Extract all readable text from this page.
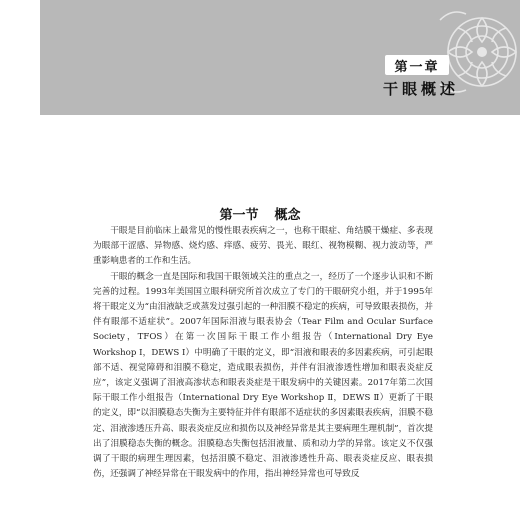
第一章
干眼概述
第一节 概念

干眼是目前临床上最常见的慢性眼表疾病之一，也称干眼症、角结膜干燥症、多表现为眼部干涩感、异物感、烧灼感、痒感、疲劳、畏光、眼红、视物模糊、视力波动等，严重影响患者的工作和生活。

干眼的概念一直是国际和我国干眼领域关注的重点之一，经历了一个逐步认识和不断完善的过程。1993年美国国立眼科研究所首次成立了专门的干眼研究小组，并于1995年将干眼定义为“由泪液缺乏或蒸发过强引起的一种泪膜不稳定的疾病，可导致眼表损伤，并伴有眼部不适症状”。2007年国际泪液与眼表协会（Tear Film and Ocular Surface Society，TFOS）在第一次国际干眼工作小组报告（International Dry Eye Workshop Ⅰ，DEWS Ⅰ）中明确了干眼的定义，即“泪液和眼表的多因素疾病，可引起眼部不适、视觉障碍和泪膜不稳定，造成眼表损伤，并伴有泪液渗透性增加和眼表炎症反应”，该定义强调了泪液高渗状态和眼表炎症是干眼发病中的关键因素。2017年第二次国际干眼工作小组报告（International Dry Eye Workshop Ⅱ，DEWS Ⅱ）更新了干眼的定义，即“以泪膜稳态失衡为主要特征并伴有眼部不适症状的多因素眼表疾病，泪膜不稳定、泪液渗透压升高、眼表炎症反应和损伤以及神经异常是其主要病理生理机制”，首次提出了泪膜稳态失衡的概念。泪膜稳态失衡包括泪液量、质和动力学的异常。该定义不仅强调了干眼的病理生理因素，包括泪膜不稳定、泪液渗透性升高、眼表炎症反应、眼表损伤，还强调了神经异常在干眼发病中的作用，指出神经异常也可导致反
